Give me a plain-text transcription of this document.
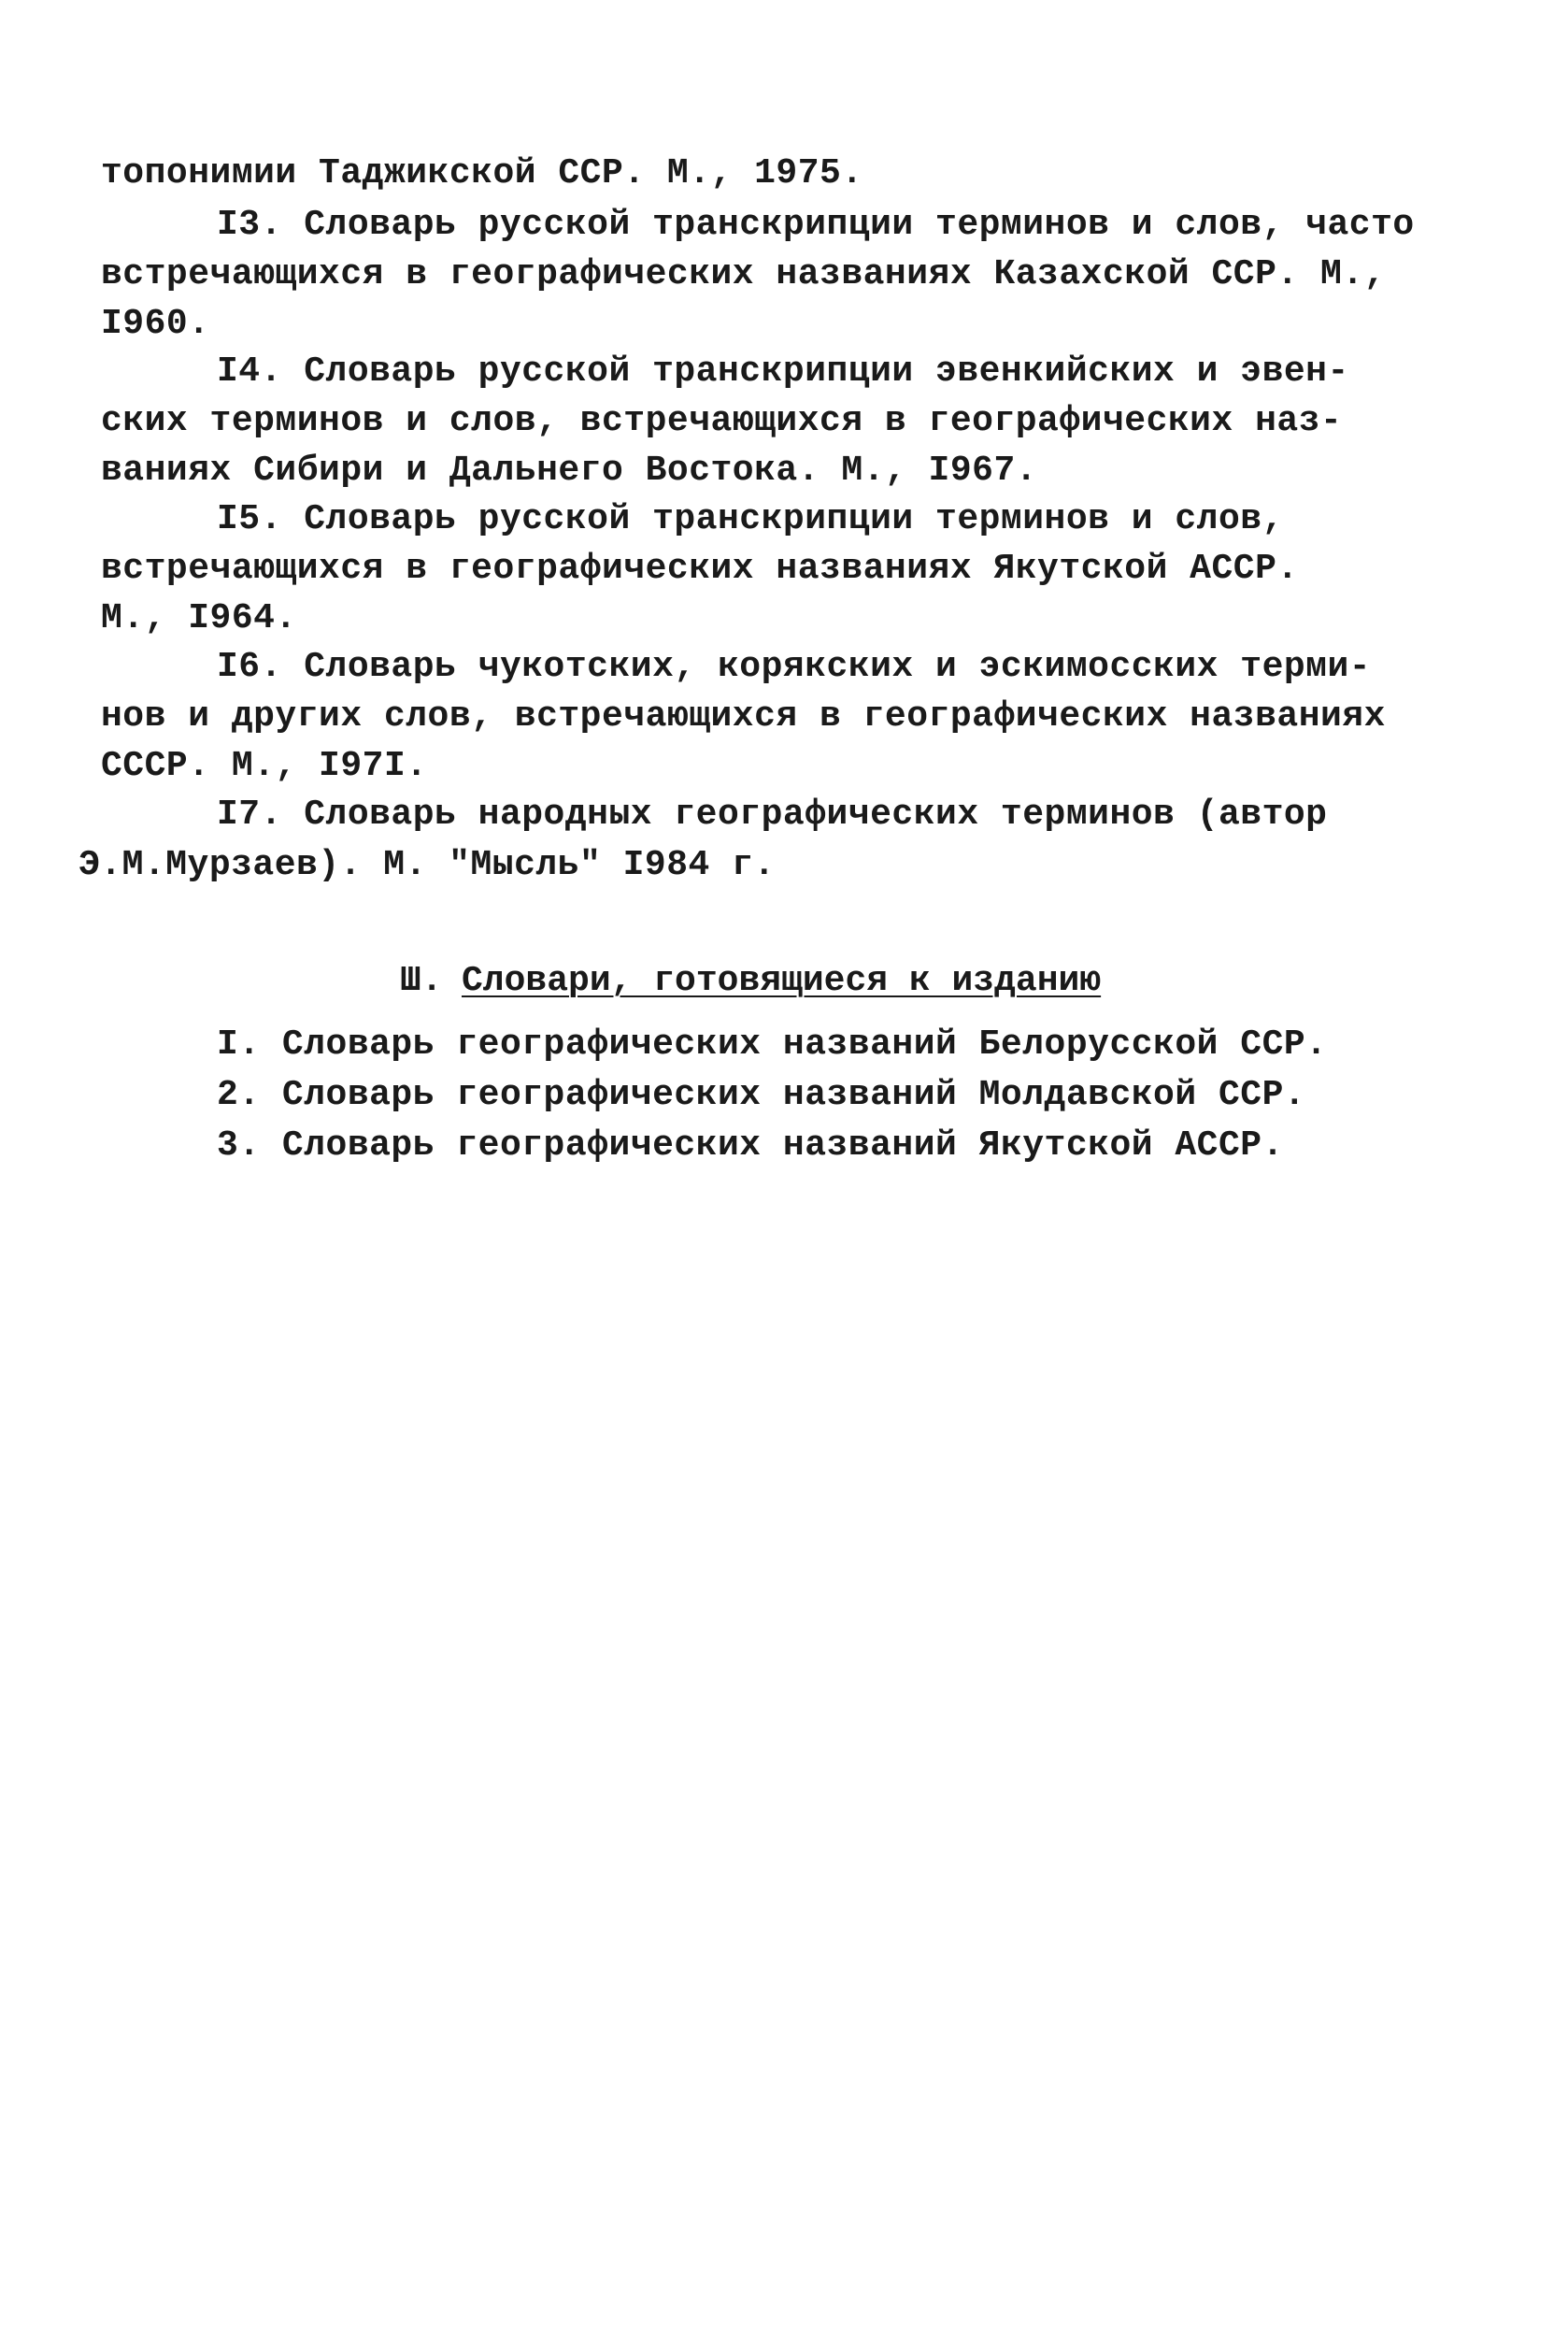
топонимии Таджикской ССР. М., 1975.
I3. Словарь русской транскрипции терминов и слов, часто
встречающихся в географических названиях Казахской ССР. М.,
I960.
I4. Словарь русской транскрипции эвенкийских и эвен-
ских терминов и слов, встречающихся в географических наз-
ваниях Сибири и Дальнего Востока. М., I967.
I5. Словарь русской транскрипции терминов и слов,
встречающихся в географических названиях Якутской АССР.
М., I964.
I6. Словарь чукотских, корякских и эскимосских терми-
нов и других слов, встречающихся в географических названиях
СССР. М., I97I.
I7. Словарь народных географических терминов (автор
Э.М.Мурзаев). М. "Мысль" I984 г.
Ш. Словари, готовящиеся к изданию
I. Словарь географических названий Белорусской ССР.
2. Словарь географических названий Молдавской ССР.
3. Словарь географических названий Якутской АССР.
